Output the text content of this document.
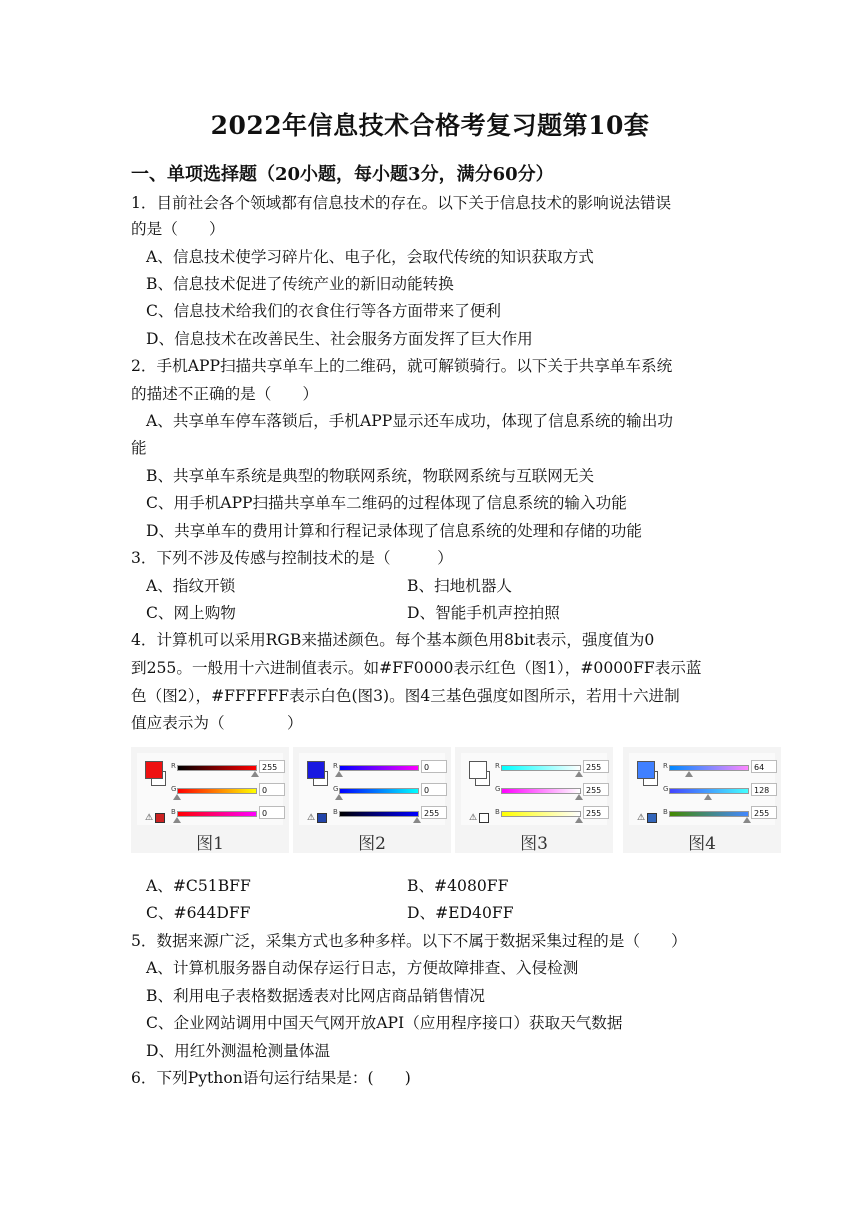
2022年信息技术合格考复习题第10套
一、单项选择题（20小题，每小题3分，满分60分）
1．目前社会各个领域都有信息技术的存在。以下关于信息技术的影响说法错误
的是（　　）
A、信息技术使学习碎片化、电子化，会取代传统的知识获取方式
B、信息技术促进了传统产业的新旧动能转换
C、信息技术给我们的衣食住行等各方面带来了便利
D、信息技术在改善民生、社会服务方面发挥了巨大作用
2．手机APP扫描共享单车上的二维码，就可解锁骑行。以下关于共享单车系统
的描述不正确的是（　　）
A、共享单车停车落锁后，手机APP显示还车成功，体现了信息系统的输出功
能
B、共享单车系统是典型的物联网系统，物联网系统与互联网无关
C、用手机APP扫描共享单车二维码的过程体现了信息系统的输入功能
D、共享单车的费用计算和行程记录体现了信息系统的处理和存储的功能
3．下列不涉及传感与控制技术的是（　　　）
A、指纹开锁	B、扫地机器人
C、网上购物	D、智能手机声控拍照
4．计算机可以采用RGB来描述颜色。每个基本颜色用8bit表示，强度值为0
到255。一般用十六进制值表示。如#FF0000表示红色（图1），#0000FF表示蓝
色（图2），#FFFFFF表示白色(图3)。图4三基色强度如图所示，若用十六进制
值应表示为（　　　　）
⚠
R	255
G	0
B	0
图1
⚠
R	0
G	0
B	255
图2
⚠
R	255
G	255
B	255
图3
⚠
R	64
G	128
B	255
图4
A、#C51BFF	B、#4080FF
C、#644DFF	D、#ED40FF
5．数据来源广泛，采集方式也多种多样。以下不属于数据采集过程的是（　　）
A、计算机服务器自动保存运行日志，方便故障排查、入侵检测
B、利用电子表格数据透表对比网店商品销售情况
C、企业网站调用中国天气网开放API（应用程序接口）获取天气数据
D、用红外测温枪测量体温
6．下列Python语句运行结果是：(　　)
